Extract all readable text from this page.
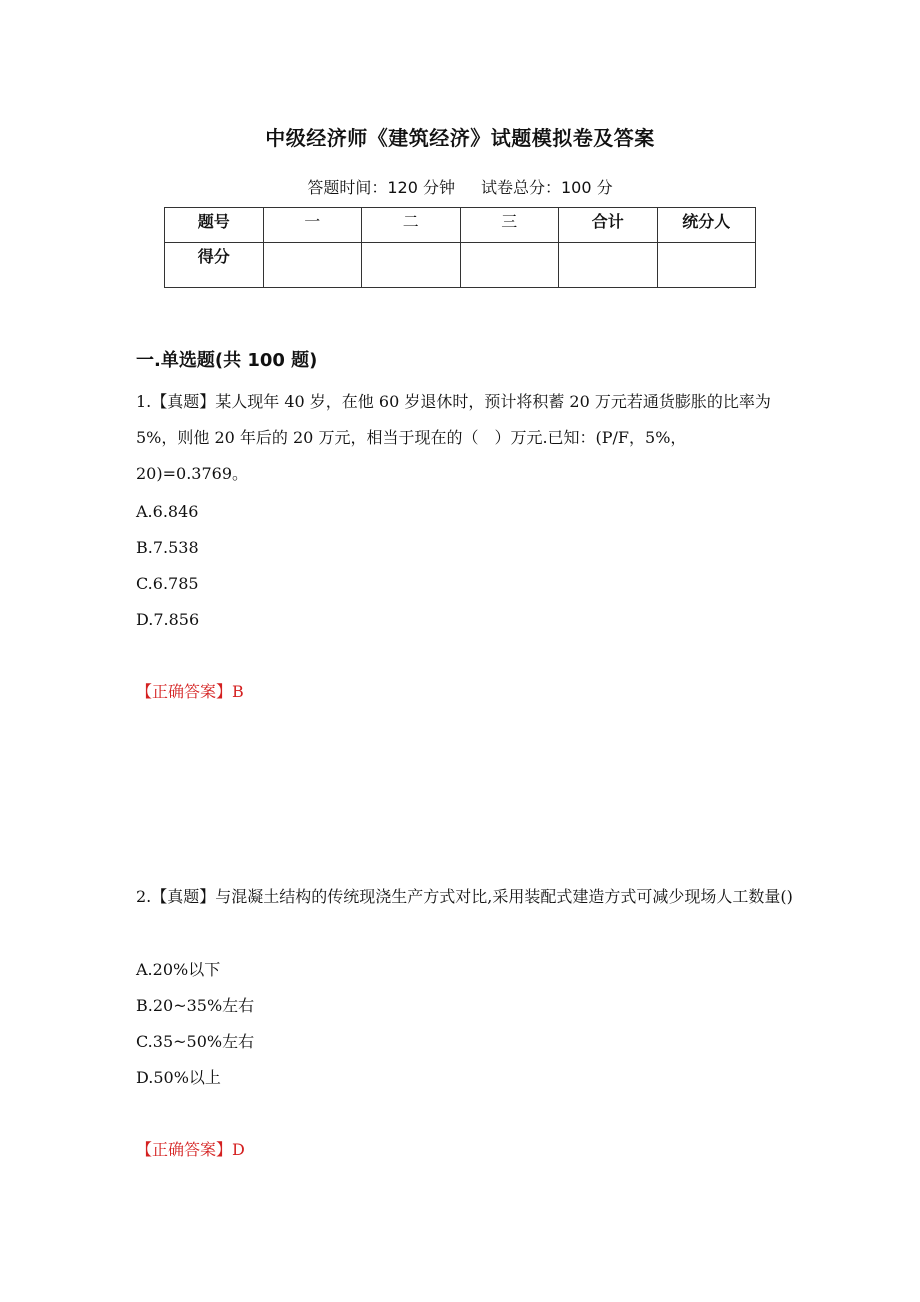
中级经济师《建筑经济》试题模拟卷及答案
答题时间：120 分钟 试卷总分：100 分
题号	一	二	三	合计	统分人
得分					
一.单选题(共 100 题)
1.【真题】某人现年 40 岁，在他 60 岁退休时，预计将积蓄 20 万元若通货膨胀的比率为 5%，则他 20 年后的 20 万元，相当于现在的（　）万元.已知：(P/F，5%，20)=0.3769。
A.6.846
B.7.538
C.6.785
D.7.856
【正确答案】B
2.【真题】与混凝土结构的传统现浇生产方式对比,采用装配式建造方式可减少现场人工数量()
A.20%以下
B.20~35%左右
C.35~50%左右
D.50%以上
【正确答案】D
